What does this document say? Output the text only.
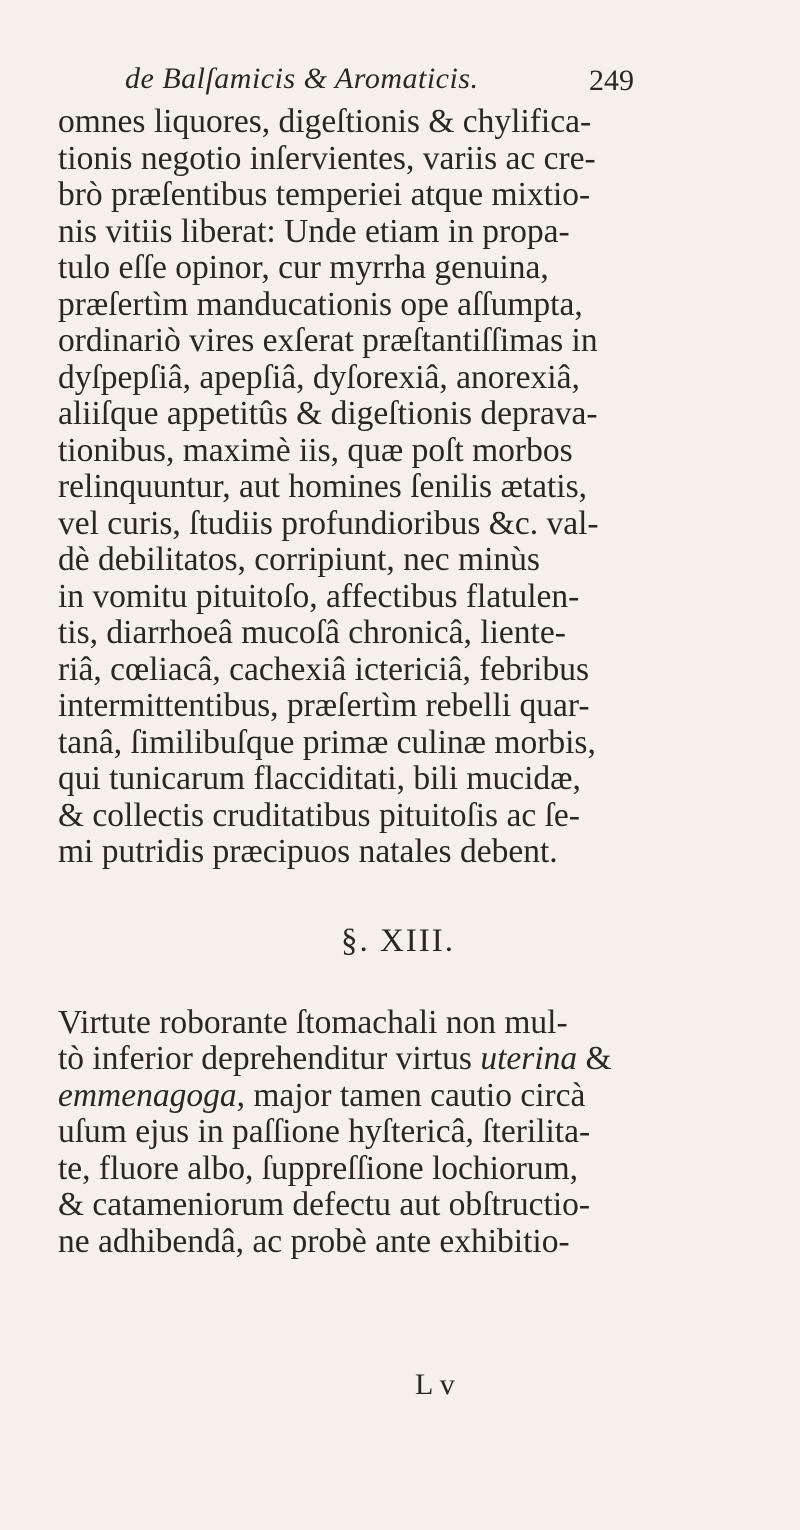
de Balſamicis & Aromaticis.	249
omnes liquores, digeſtionis & chylifica-
tionis negotio inſervientes, variis ac cre-
brò præſentibus temperiei atque mixtio-
nis vitiis liberat: Unde etiam in propa-
tulo eſſe opinor, cur myrrha genuina,
præſertìm manducationis ope aſſumpta,
ordinariò vires exſerat præſtantiſſimas in
dyſpepſiâ, apepſiâ, dyſorexiâ, anorexiâ,
aliiſque appetitûs & digeſtionis deprava-
tionibus, maximè iis, quæ poſt morbos
relinquuntur, aut homines ſenilis ætatis,
vel curis, ſtudiis profundioribus &c. val-
dè debilitatos, corripiunt, nec minùs
in vomitu pituitoſo, affectibus flatulen-
tis, diarrhoeâ mucoſâ chronicâ, liente-
riâ, cœliacâ, cachexiâ ictericiâ, febribus
intermittentibus, præſertìm rebelli quar-
tanâ, ſimilibuſque primæ culinæ morbis,
qui tunicarum flacciditati, bili mucidæ,
& collectis cruditatibus pituitoſis ac ſe-
mi putridis præcipuos natales debent.
§. XIII.
Virtute roborante ſtomachali non mul-
tò inferior deprehenditur virtus uterina &
emmenagoga, major tamen cautio circà
uſum ejus in paſſione hyſtericâ, ſterilita-
te, fluore albo, ſuppreſſione lochiorum,
& catameniorum defectu aut obſtructio-
ne adhibendâ, ac probè ante exhibitio-
L v
